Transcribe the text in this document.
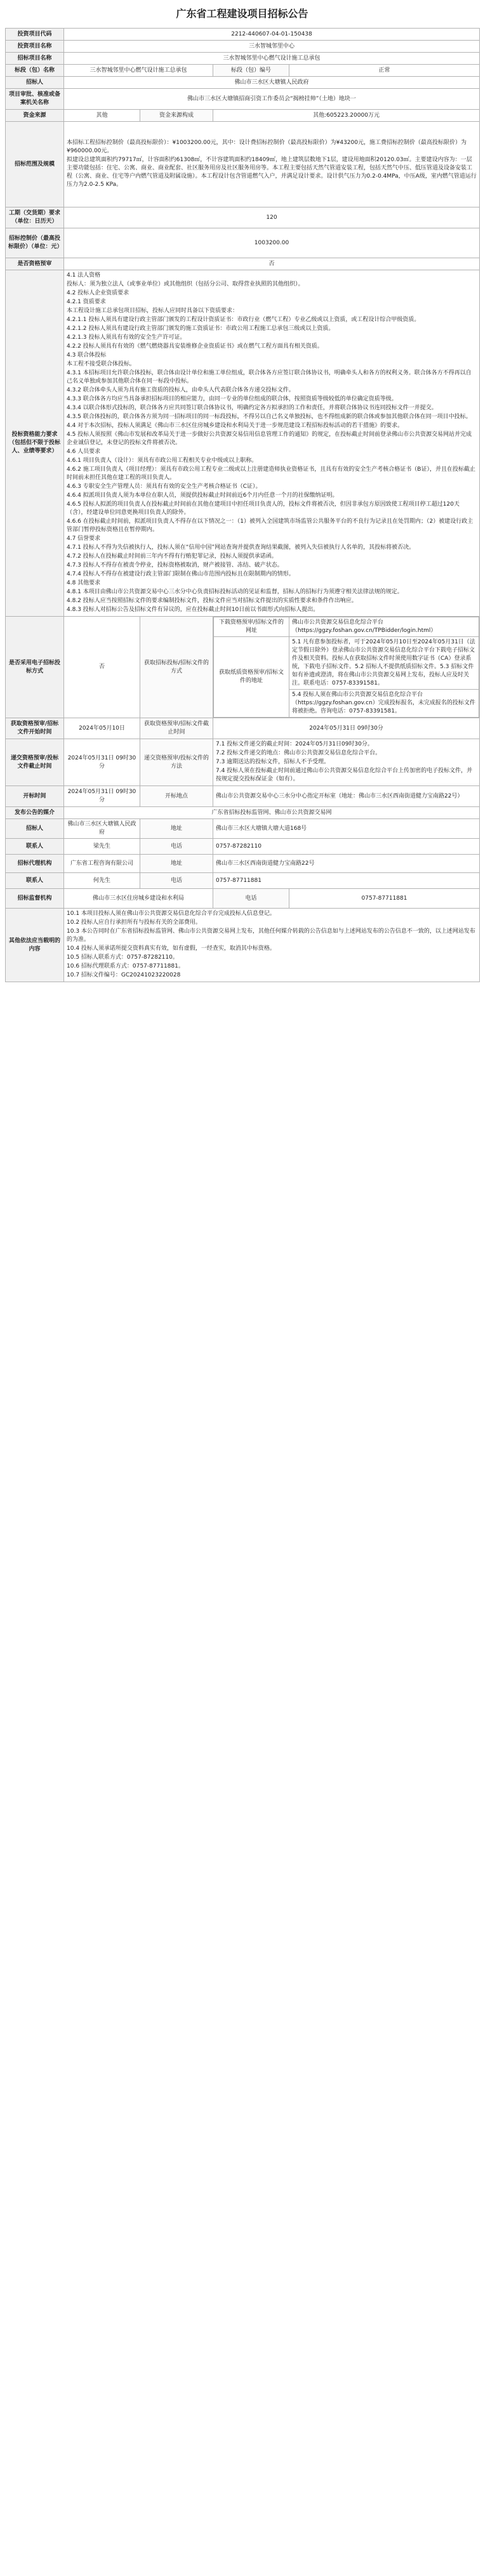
广东省工程建设项目招标公告
投资项目代码	2212-440607-04-01-150438
投资项目名称	三水智城邻里中心
招标项目名称	三水智城邻里中心燃气设计施工总承包
标段（包）名称	三水智城邻里中心燃气设计施工总承包	标段（包）编号	正常
招标人	佛山市三水区大塘镇人民政府
项目审批、核准或备案机关名称	佛山市三水区大塘镇招商引资工作委员会“揭榜挂帅”（土地）地块一
资金来源	其他	资金来源构成	其他:605223.20000万元
招标范围及规模	

本招标工程招标控制价（最高投标限价）：¥1003200.00元，其中：设计费招标控制价（最高投标限价）为¥43200元，施工费招标控制价（最高投标限价）为¥960000.00元。

拟建设总建筑面积约79717㎡，计容面积约61308㎡，不计容建筑面积约18409㎡，地上建筑层数地下1层，建设用地面积20120.03㎡。主要建设内容为：一层主要功能包括：住宅、公寓、商业、商业配套、社区服务用房及社区服务用房等。本工程主要包括天然气管道安装工程，包括天然气中压、低压管道及设备安装工程（公寓、商业、住宅等户内燃气管道及附属设施）。本工程设计包含管道燃气入户，并满足设计要求。设计供气压力为0.2-0.4MPa，中压A级，室内燃气管道运行压力为2.0-2.5 KPa。

工期（交货期）要求（单位：日历天）	120
招标控制价（最高投标限价）（单位：元）	1003200.00
是否资格预审	否
投标资格能力要求（包括但不限于投标人、业绩等要求）	

4.1 法人资格

投标人：须为独立法人（或事业单位）或其他组织（包括分公司、取得营业执照的其他组织）。

4.2 投标人企业资质要求

4.2.1 资质要求

本工程设计施工总承包项目招标，投标人应同时具备以下资质要求：

4.2.1.1 投标人须具有建设行政主管部门颁发的工程设计资质证书：市政行业（燃气工程）专业乙级或以上资质，或工程设计综合甲级资质。

4.2.1.2 投标人须具有建设行政主管部门颁发的施工资质证书：市政公用工程施工总承包三级或以上资质。

4.2.1.3 投标人须具有有效的安全生产许可证。

4.2.2 投标人须具有有效的《燃气燃烧器具安装维修企业资质证书》或在燃气工程方面具有相关资质。

4.3 联合体投标

本工程不接受联合体投标。

4.3.1 本招标项目允许联合体投标，联合体由设计单位和施工单位组成，联合体各方应签订联合体协议书，明确牵头人和各方的权利义务。联合体各方不得再以自己名义单独或参加其他联合体在同一标段中投标。

4.3.2 联合体牵头人须为具有施工资质的投标人，由牵头人代表联合体各方递交投标文件。

4.3.3 联合体各方均应当具备承担招标项目的相应能力，由同一专业的单位组成的联合体，按照资质等级较低的单位确定资质等级。

4.3.4 以联合体形式投标的，联合体各方应共同签订联合体协议书，明确约定各方拟承担的工作和责任，并将联合体协议书连同投标文件一并提交。

4.3.5 联合体投标的，联合体各方须为同一招标项目的同一标段投标，不得另以自己名义单独投标，也不得组成新的联合体或参加其他联合体在同一项目中投标。

4.4 对于本次招标，投标人须满足《佛山市三水区住房城乡建设和水利局关于进一步规范建设工程招标投标活动的若干措施》的要求。

4.5 投标人须按照《佛山市发展和改革局关于进一步做好公共资源交易信用信息管理工作的通知》的规定，在投标截止时间前登录佛山市公共资源交易网站并完成企业诚信登记，未登记的投标文件将被否决。

4.6 人员要求

4.6.1 项目负责人（设计）：须具有市政公用工程相关专业中级或以上职称。

4.6.2 施工项目负责人（项目经理）：须具有市政公用工程专业二级或以上注册建造师执业资格证书，且具有有效的安全生产考核合格证书（B证），并且在投标截止时间前未担任其他在建工程的项目负责人。

4.6.3 专职安全生产管理人员：须具有有效的安全生产考核合格证书（C证）。

4.6.4 拟派项目负责人须为本单位在职人员，须提供投标截止时间前近6个月内任意一个月的社保缴纳证明。

4.6.5 投标人拟派的项目负责人在投标截止时间前在其他在建项目中担任项目负责人的，投标文件将被否决，但因非承包方原因致使工程项目停工超过120天（含），经建设单位同意更换项目负责人的除外。

4.6.6 在投标截止时间前，拟派项目负责人不得存在以下情况之一：（1）被列入全国建筑市场监管公共服务平台的不良行为记录且在处罚期内；（2）被建设行政主管部门暂停投标资格且在暂停期内。

4.7 信誉要求

4.7.1 投标人不得为失信被执行人，投标人须在“信用中国”网站查询并提供查询结果截图，被列入失信被执行人名单的，其投标将被否决。

4.7.2 投标人在投标截止时间前三年内不得有行贿犯罪记录，投标人须提供承诺函。

4.7.3 投标人不得存在被责令停业，投标资格被取消，财产被接管、冻结、破产状态。

4.7.4 投标人不得存在被建设行政主管部门限制在佛山市范围内投标且在限制期内的情形。

4.8 其他要求

4.8.1 本项目由佛山市公共资源交易中心三水分中心负责招标投标活动的见证和监督，招标人的招标行为须遵守相关法律法规的规定。

4.8.2 投标人应当按照招标文件的要求编制投标文件，投标文件应当对招标文件提出的实质性要求和条件作出响应。

4.8.3 投标人对招标公告及招标文件有异议的，应在投标截止时间10日前以书面形式向招标人提出。

是否采用电子招标投标方式	否	获取招标投标/招标文件的方式	
下载资格预审/招标文件的网址	佛山市公共资源交易信息化综合平台（https://ggzy.foshan.gov.cn/TPBidder/login.html）
获取纸质资格预审/招标文件的地址	5.1 凡有意参加投标者，可于2024年05月10日至2024年05月31日（法定节假日除外）登录佛山市公共资源交易信息化综合平台下载电子招标文件及相关资料。投标人在获取招标文件时须使用数字证书（CA）登录系统，下载电子招标文件。5.2 招标人不提供纸质招标文件。5.3 招标文件如有补遗或澄清，将在佛山市公共资源交易网上发布，投标人应及时关注。联系电话：0757-83391581。
5.4 投标人须在佛山市公共资源交易信息化综合平台（https://ggzy.foshan.gov.cn）完成投标报名，未完成报名的投标文件将被拒绝。咨询电话：0757-83391581。

获取资格预审/招标文件开始时间	2024年05月10日	获取资格预审/招标文件截止时间	2024年05月31日 09时30分
递交资格预审/投标文件截止时间	2024年05月31日 09时30分	递交资格预审/投标文件的方法	

7.1 投标文件递交的截止时间：2024年05月31日09时30分。

7.2 投标文件递交的地点：佛山市公共资源交易信息化综合平台。

7.3 逾期送达的投标文件，招标人不予受理。

7.4 投标人须在投标截止时间前通过佛山市公共资源交易信息化综合平台上传加密的电子投标文件，并按规定提交投标保证金（如有）。

开标时间	2024年05月31日 09时30分	开标地点	佛山市公共资源交易中心三水分中心指定开标室（地址：佛山市三水区西南街道健力宝南路22号）
发布公告的媒介	广东省招标投标监管网、佛山市公共资源交易网
招标人	佛山市三水区大塘镇人民政府	地址	佛山市三水区大塘镇大塘大道168号
联系人	梁先生	电话	0757-87282110
招标代理机构	广东省工程咨询有限公司	地址	佛山市三水区西南街道健力宝南路22号
联系人	何先生	电话	0757-87711881
招标监督机构	佛山市三水区住房城乡建设和水利局	电话	0757-87711881
其他依法应当载明的内容	

10.1 本项目投标人须在佛山市公共资源交易信息化综合平台完成投标人信息登记。

10.2 投标人应自行承担所有与投标有关的全部费用。

10.3 本公告同时在广东省招标投标监管网、佛山市公共资源交易网上发布，其他任何媒介转载的公告信息如与上述网站发布的公告信息不一致的，以上述网站发布的为准。

10.4 投标人须承诺所提交资料真实有效，如有虚假，一经查实，取消其中标资格。

10.5 招标人联系方式：0757-87282110。

10.6 招标代理联系方式：0757-87711881。

10.7 招标文件编号：GC20241023220028
